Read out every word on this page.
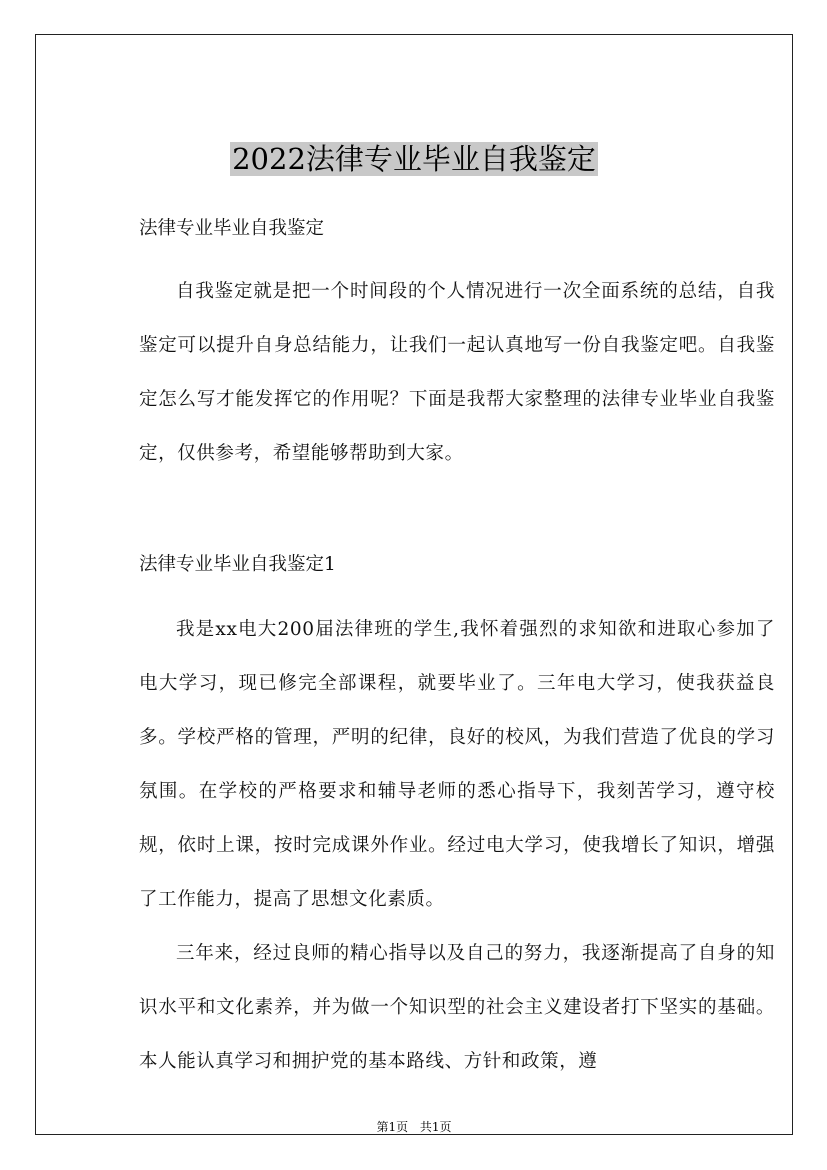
2022法律专业毕业自我鉴定

法律专业毕业自我鉴定

自我鉴定就是把一个时间段的个人情况进行一次全面系统的总结，自我鉴定可以提升自身总结能力，让我们一起认真地写一份自我鉴定吧。自我鉴定怎么写才能发挥它的作用呢？下面是我帮大家整理的法律专业毕业自我鉴定，仅供参考，希望能够帮助到大家。

法律专业毕业自我鉴定1

我是xx电大200届法律班的学生,我怀着强烈的求知欲和进取心参加了电大学习，现已修完全部课程，就要毕业了。三年电大学习，使我获益良多。学校严格的管理，严明的纪律，良好的校风，为我们营造了优良的学习氛围。在学校的严格要求和辅导老师的悉心指导下，我刻苦学习，遵守校规，依时上课，按时完成课外作业。经过电大学习，使我增长了知识，增强了工作能力，提高了思想文化素质。

三年来，经过良师的精心指导以及自己的努力，我逐渐提高了自身的知识水平和文化素养，并为做一个知识型的社会主义建设者打下坚实的基础。本人能认真学习和拥护党的基本路线、方针和政策，遵

第1页 共1页
